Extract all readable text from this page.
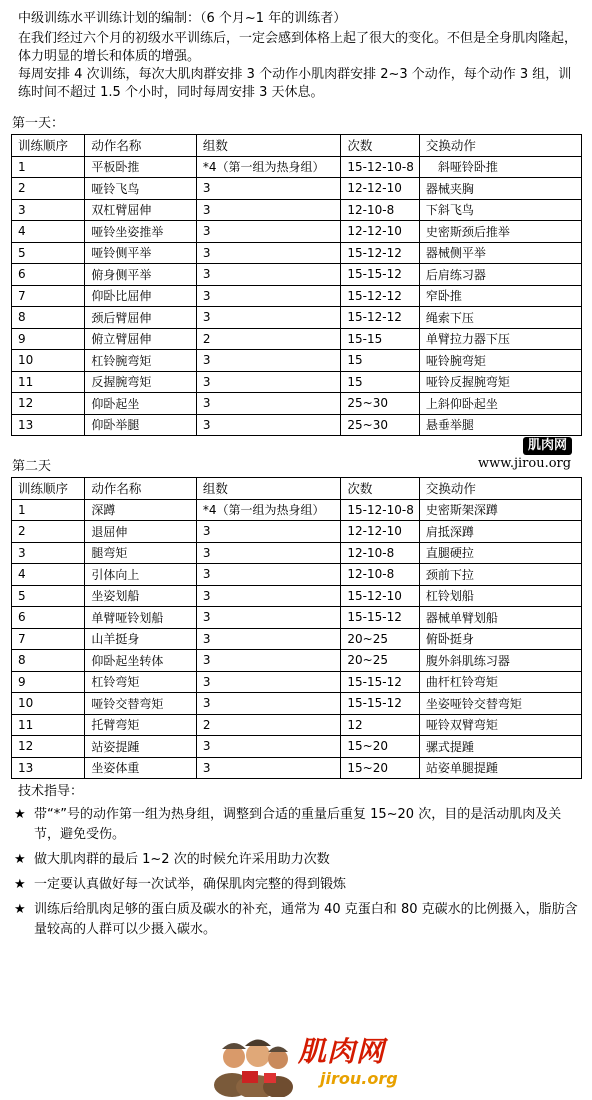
中级训练水平训练计划的编制：（6 个月~1 年的训练者）

在我们经过六个月的初级水平训练后，一定会感到体格上起了很大的变化。不但是全身肌肉隆起，体力明显的增长和体质的增强。

每周安排 4 次训练，每次大肌肉群安排 3 个动作小肌肉群安排 2~3 个动作，每个动作 3 组，训练时间不超过 1.5 个小时，同时每周安排 3 天休息。

第一天：
训练顺序	动作名称	组数	次数	交换动作
1	平板卧推	*4（第一组为热身组）	15-12-10-8	　斜哑铃卧推
2	哑铃飞鸟	3	12-12-10	器械夹胸
3	双杠臂屈伸	3	12-10-8	下斜飞鸟
4	哑铃坐姿推举	3	12-12-10	史密斯颈后推举
5	哑铃侧平举	3	15-12-12	器械侧平举
6	俯身侧平举	3	15-15-12	后肩练习器
7	仰卧比屈伸	3	15-12-12	窄卧推
8	颈后臂屈伸	3	15-12-12	绳索下压
9	俯立臂屈伸	2	15-15	单臂拉力器下压
10	杠铃腕弯矩	3	15	哑铃腕弯矩
11	反握腕弯矩	3	15	哑铃反握腕弯矩
12	仰卧起坐	3	25~30	上斜仰卧起坐
13	仰卧举腿	3	25~30	悬垂举腿
肌肉网
www.jirou.org
第二天
训练顺序	动作名称	组数	次数	交换动作
1	深蹲	*4（第一组为热身组）	15-12-10-8	史密斯架深蹲
2	退屈伸	3	12-12-10	肩抵深蹲
3	腿弯矩	3	12-10-8	直腿硬拉
4	引体向上	3	12-10-8	颈前下拉
5	坐姿划船	3	15-12-10	杠铃划船
6	单臂哑铃划船	3	15-15-12	器械单臂划船
7	山羊挺身	3	20~25	俯卧挺身
8	仰卧起坐转体	3	20~25	腹外斜肌练习器
9	杠铃弯矩	3	15-15-12	曲杆杠铃弯矩
10	哑铃交替弯矩	3	15-15-12	坐姿哑铃交替弯矩
11	托臂弯矩	2	12	哑铃双臂弯矩
12	站姿提踵	3	15~20	骡式提踵
13	坐姿体重	3	15~20	站姿单腿提踵
技术指导：
★ 带“*”号的动作第一组为热身组，调整到合适的重量后重复 15~20 次，目的是活动肌肉及关节，避免受伤。
★ 做大肌肉群的最后 1~2 次的时候允许采用助力次数
★ 一定要认真做好每一次试举，确保肌肉完整的得到锻炼
★ 训练后给肌肉足够的蛋白质及碳水的补充，通常为 40 克蛋白和 80 克碳水的比例摄入，脂肪含量较高的人群可以少摄入碳水。
肌肉网
jirou.org
